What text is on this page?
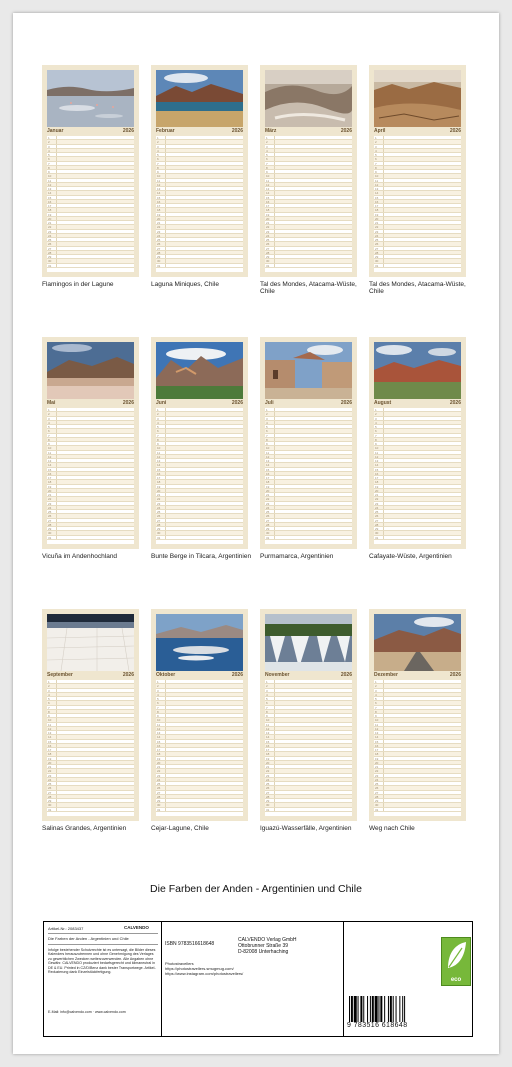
Januar	2026
1
2
3
4
5
6
7
8
9
10
11
12
13
14
15
16
17
18
19
20
21
22
23
24
25
26
27
28
29
30
31
Flamingos in der Lagune
Februar	2026
1
2
3
4
5
6
7
8
9
10
11
12
13
14
15
16
17
18
19
20
21
22
23
24
25
26
27
28
29
30
31
Laguna Miniques, Chile
März	2026
1
2
3
4
5
6
7
8
9
10
11
12
13
14
15
16
17
18
19
20
21
22
23
24
25
26
27
28
29
30
31
Tal des Mondes, Atacama-Wüste, Chile
April	2026
1
2
3
4
5
6
7
8
9
10
11
12
13
14
15
16
17
18
19
20
21
22
23
24
25
26
27
28
29
30
31
Tal des Mondes, Atacama-Wüste, Chile
Mai	2026
1
2
3
4
5
6
7
8
9
10
11
12
13
14
15
16
17
18
19
20
21
22
23
24
25
26
27
28
29
30
31
Vicuña im Andenhochland
Juni	2026
1
2
3
4
5
6
7
8
9
10
11
12
13
14
15
16
17
18
19
20
21
22
23
24
25
26
27
28
29
30
31
Bunte Berge in Tilcara, Argentinien
Juli	2026
1
2
3
4
5
6
7
8
9
10
11
12
13
14
15
16
17
18
19
20
21
22
23
24
25
26
27
28
29
30
31
Purmamarca, Argentinien
August	2026
1
2
3
4
5
6
7
8
9
10
11
12
13
14
15
16
17
18
19
20
21
22
23
24
25
26
27
28
29
30
31
Cafayate-Wüste, Argentinien
September	2026
1
2
3
4
5
6
7
8
9
10
11
12
13
14
15
16
17
18
19
20
21
22
23
24
25
26
27
28
29
30
31
Salinas Grandes, Argentinien
Oktober	2026
1
2
3
4
5
6
7
8
9
10
11
12
13
14
15
16
17
18
19
20
21
22
23
24
25
26
27
28
29
30
31
Cejar-Lagune, Chile
November	2026
1
2
3
4
5
6
7
8
9
10
11
12
13
14
15
16
17
18
19
20
21
22
23
24
25
26
27
28
29
30
31
Iguazú-Wasserfälle, Argentinien
Dezember	2026
1
2
3
4
5
6
7
8
9
10
11
12
13
14
15
16
17
18
19
20
21
22
23
24
25
26
27
28
29
30
31
Weg nach Chile
Die Farben der Anden - Argentinien und Chile
Artikel-Nr.: 2083437	CALVENDO
Die Farben der Anden - Argentinien und Chile
Infolge bestehender Schutzrechte ist es untersagt, die Bilder dieses Kalenders herauszutrennen und ohne Genehmigung des Verlages zu gewerblichen Zwecken weiterzuverwenden. Alle Angaben ohne Gewähr. CALVENDO produziert bedarfsgerecht und klimaneutral in DE & EU. Printed in CZ/D/Benz dank bester Transportwege. Artikel-Reduzierung dank Einzelstückfertigung.
E-Mail: info@calvendo.com · www.calvendo.com
ISBN 9783516618648
CALVENDO Verlag GmbH
Ottobrunner Straße 39
D-82008 Unterhaching
Photostravellers
https://photostravellers.smugmug.com/
https://www.instagram.com/photostravellers/
9 783516 618648
eco
